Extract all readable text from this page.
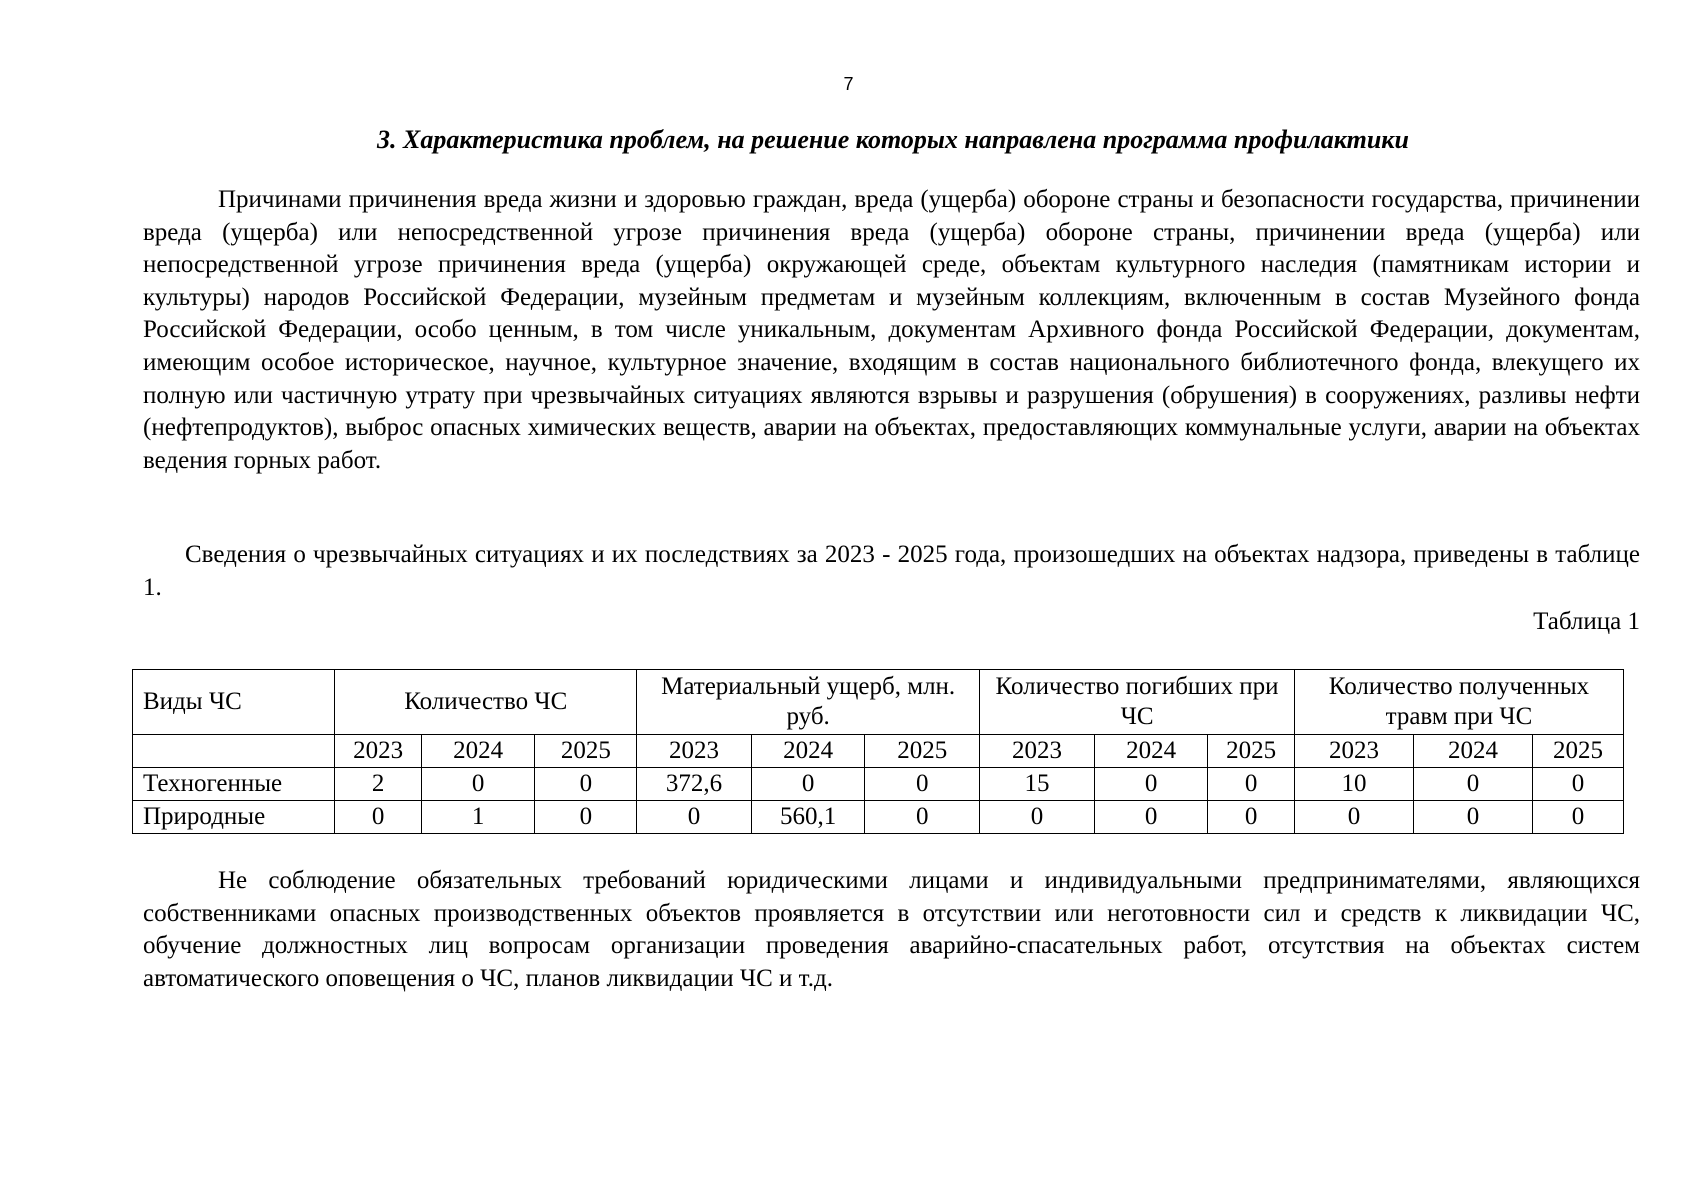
7
3. Характеристика проблем, на решение которых направлена программа профилактики

Причинами причинения вреда жизни и здоровью граждан, вреда (ущерба) обороне страны и безопасности государства, причинении вреда (ущерба) или непосредственной угрозе причинения вреда (ущерба) обороне страны, причинении вреда (ущерба) или непосредственной угрозе причинения вреда (ущерба) окружающей среде, объектам культурного наследия (памятникам истории и культуры) народов Российской Федерации, музейным предметам и музейным коллекциям, включенным в состав Музейного фонда Российской Федерации, особо ценным, в том числе уникальным, документам Архивного фонда Российской Федерации, документам, имеющим особое историческое, научное, культурное значение, входящим в состав национального библиотечного фонда, влекущего их полную или частичную утрату при чрезвычайных ситуациях являются взрывы и разрушения (обрушения) в сооружениях, разливы нефти (нефтепродуктов), выброс опасных химических веществ, аварии на объектах, предоставляющих коммунальные услуги, аварии на объектах ведения горных работ.

Сведения о чрезвычайных ситуациях и их последствиях за 2023 - 2025 года, произошедших на объектах надзора, приведены в таблице 1.

Таблица 1
Виды ЧС	Количество ЧС			Материальный ущерб, млн. руб.			Количество погибших при ЧС			Количество полученных травм при ЧС		
	2023	2024	2025	2023	2024	2025	2023	2024	2025	2023	2024	2025
Техногенные	2	0	0	372,6	0	0	15	0	0	10	0	0
Природные	0	1	0	0	560,1	0	0	0	0	0	0	0

Не соблюдение обязательных требований юридическими лицами и индивидуальными предпринимателями, являющихся собственниками опасных производственных объектов проявляется в отсутствии или неготовности сил и средств к ликвидации ЧС, обучение должностных лиц вопросам организации проведения аварийно-спасательных работ, отсутствия на объектах систем автоматического оповещения о ЧС, планов ликвидации ЧС и т.д.
